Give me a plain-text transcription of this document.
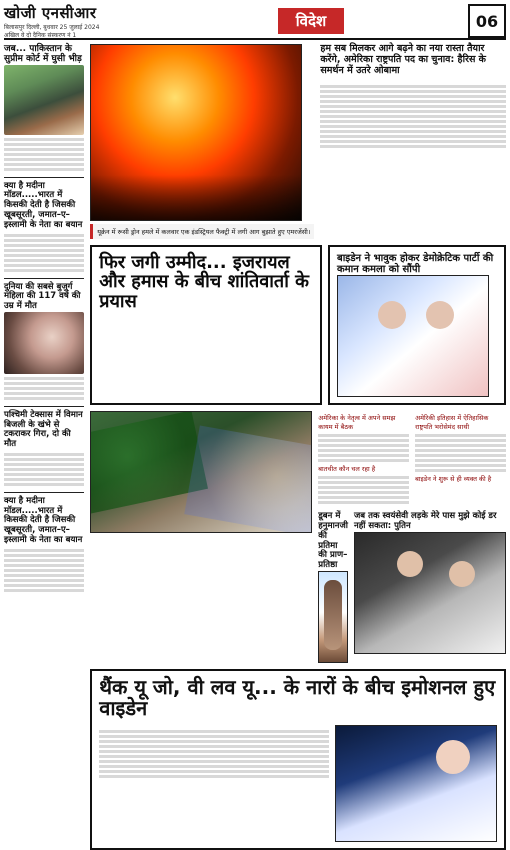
खोजी एनसीआर
बिलासपुर दिल्ली, बुधवार 25 जुलाई 2024
अखिल वे दो दैनिक संस्करण नं 1
विदेश	06
जब... पाकिस्तान के सुप्रीम कोर्ट में घुसी भीड़
क्या है मदीना मॉडल.....भारत में किसकी देती है जिसकी खूबसूरती, जमात–ए–इस्लामी के नेता का बयान
दुनिया की सबसे बुजुर्ग महिला की 117 वर्ष की उम्र में मौत
पश्चिमी टेक्सास में विमान बिजली के खंभे से टकराकर गिरा, दो की मौत
क्या है मदीना मॉडल.....भारत में किसकी देती है जिसकी खूबसूरती, जमात–ए–इस्लामी के नेता का बयान
यूक्रेन में रूसी ड्रोन हमले में कलवार एक इंडस्ट्रियल फैक्ट्री में लगी आग बुझाते हुए एमरजेंसी।
हम सब मिलकर आगे बढ़ने का नया रास्ता तैयार करेंगे, अमेरिका राष्ट्रपति पद का चुनाव: हैरिस के समर्थन में उतरे ओबामा
फिर जगी उम्मीद... इजरायल और हमास के बीच शांतिवार्ता के प्रयास
बाइडेन ने भावुक होकर डेमोक्रेटिक पार्टी की कमान कमला को सौंपी
अमेरिका के नेतृत्व में अपने समझ कायम में बैठक
बातचीत कौन चल रहा है
अमेरिकी इतिहास में ऐतिहासिक राष्ट्रपति भरोसेमंद साथी
बाइडेन ने शुरू से ही व्यक्त की है
डूबन में हनुमानजी की प्रतिमा की प्राण–प्रतिष्ठा
जब तक स्वयंसेवी लड़के मेरे पास मुझे कोई डर नहीं सकता: पुतिन
थैंक यू जो, वी लव यू... के नारों के बीच इमोशनल हुए वाइडेन
